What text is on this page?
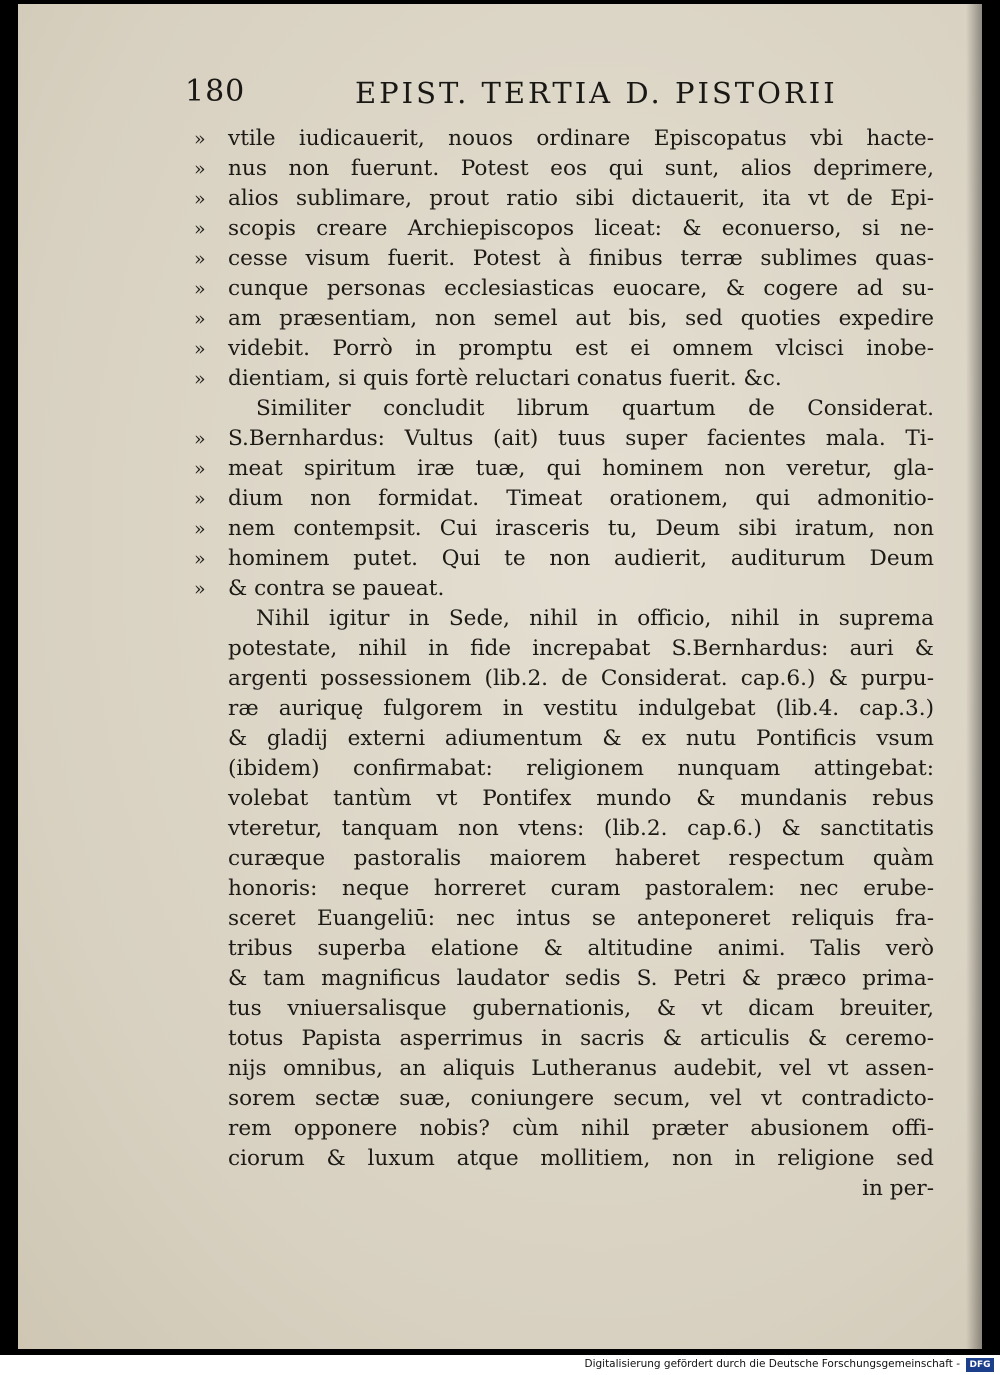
180	EPIST. TERTIA D. PISTORII
»	vtile iudicauerit, nouos ordinare Episcopatus vbi hacte-
»	nus non fuerunt. Potest eos qui sunt, alios deprimere,
»	alios sublimare, prout ratio sibi dictauerit, ita vt de Epi-
»	scopis creare Archiepiscopos liceat: & econuerso, si ne-
»	cesse visum fuerit. Potest à finibus terræ sublimes quas-
»	cunque personas ecclesiasticas euocare, & cogere ad su-
»	am præsentiam, non semel aut bis, sed quoties expedire
»	videbit. Porrò in promptu est ei omnem vlcisci inobe-
»	dientiam, si quis fortè reluctari conatus fuerit. &c.
Similiter concludit librum quartum de Considerat.
»	S.Bernhardus: Vultus (ait) tuus super facientes mala. Ti-
»	meat spiritum iræ tuæ, qui hominem non veretur, gla-
»	dium non formidat. Timeat orationem, qui admonitio-
»	nem contempsit. Cui irasceris tu, Deum sibi iratum, non
»	hominem putet. Qui te non audierit, auditurum Deum
»	& contra se paueat.
Nihil igitur in Sede, nihil in officio, nihil in suprema
potestate, nihil in fide increpabat S.Bernhardus: auri &
argenti possessionem (lib.2. de Considerat. cap.6.) & purpu-
ræ auriquę fulgorem in vestitu indulgebat (lib.4. cap.3.)
& gladij externi adiumentum & ex nutu Pontificis vsum
(ibidem) confirmabat: religionem nunquam attingebat:
volebat tantùm vt Pontifex mundo & mundanis rebus
vteretur, tanquam non vtens: (lib.2. cap.6.) & sanctitatis
curæque pastoralis maiorem haberet respectum quàm
honoris: neque horreret curam pastoralem: nec erube-
sceret Euangeliū: nec intus se anteponeret reliquis fra-
tribus superba elatione & altitudine animi. Talis verò
& tam magnificus laudator sedis S. Petri & præco prima-
tus vniuersalisque gubernationis, & vt dicam breuiter,
totus Papista asperrimus in sacris & articulis & ceremo-
nijs omnibus, an aliquis Lutheranus audebit, vel vt assen-
sorem sectæ suæ, coniungere secum, vel vt contradicto-
rem opponere nobis? cùm nihil præter abusionem offi-
ciorum & luxum atque mollitiem, non in religione sed
in per-
Digitalisierung gefördert durch die Deutsche Forschungsgemeinschaft -	DFG
